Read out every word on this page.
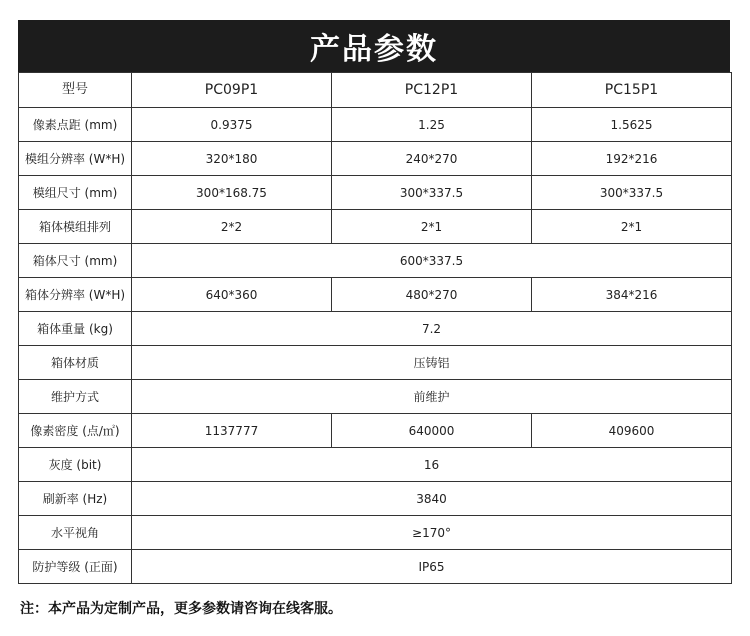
产品参数
型号	PC09P1	PC12P1	PC15P1
像素点距 (mm)	0.9375	1.25	1.5625
模组分辨率 (W*H)	320*180	240*270	192*216
模组尺寸 (mm)	300*168.75	300*337.5	300*337.5
箱体模组排列	2*2	2*1	2*1
箱体尺寸 (mm)	600*337.5		
箱体分辨率 (W*H)	640*360	480*270	384*216
箱体重量 (kg)	7.2		
箱体材质	压铸铝		
维护方式	前维护		
像素密度 (点/㎡)	1137777	640000	409600
灰度 (bit)	16		
刷新率 (Hz)	3840		
水平视角	≥170°		
防护等级 (正面)	IP65		
注：本产品为定制产品，更多参数请咨询在线客服。
